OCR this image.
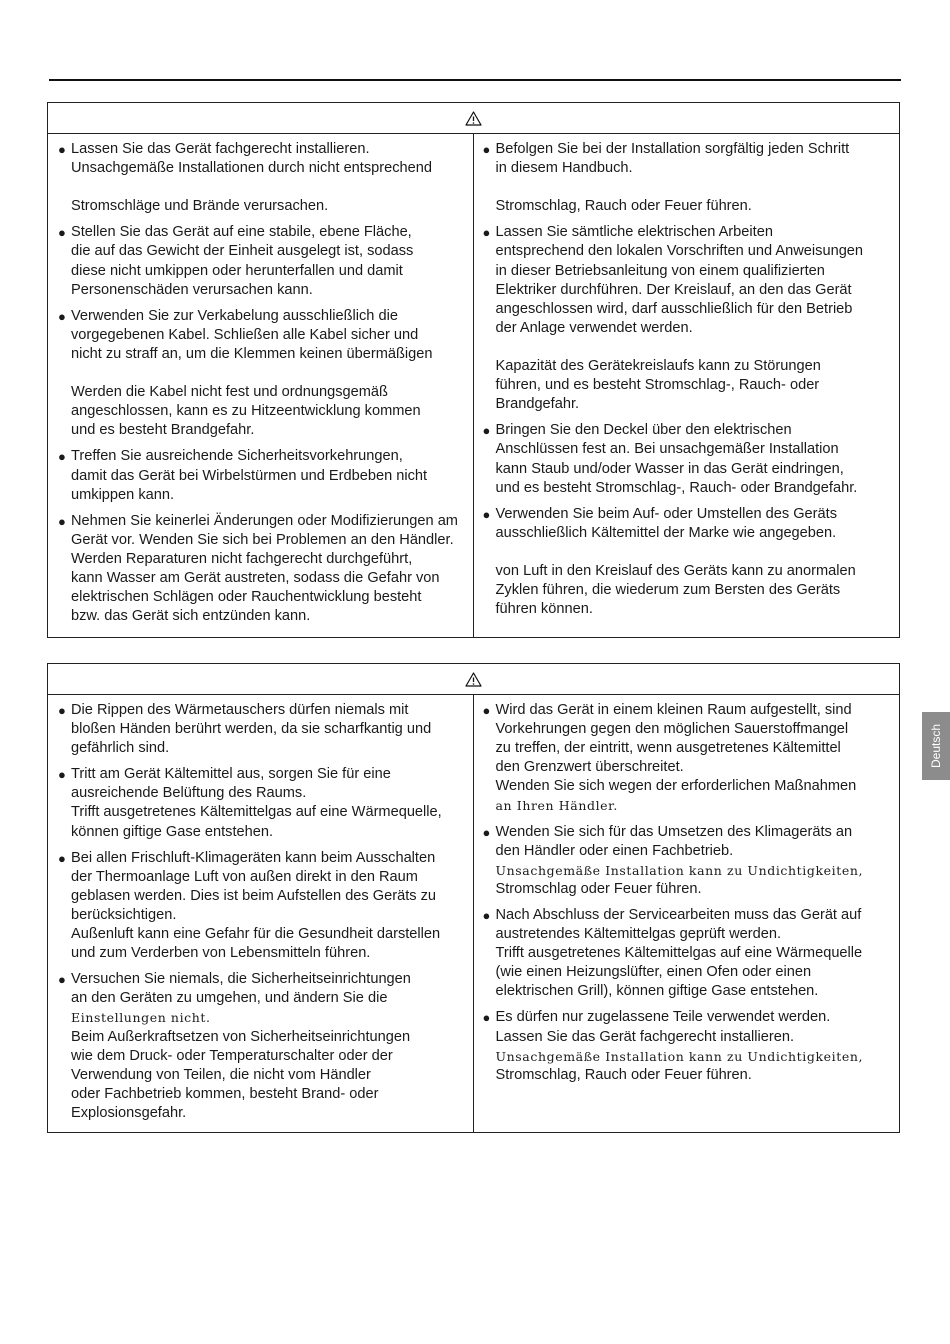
● Lassen Sie das Gerät fachgerecht installieren.
Unsachgemäße Installationen durch nicht entsprechend
Stromschläge und Brände verursachen.
● Stellen Sie das Gerät auf eine stabile, ebene Fläche,
die auf das Gewicht der Einheit ausgelegt ist, sodass
diese nicht umkippen oder herunterfallen und damit
Personenschäden verursachen kann.
● Verwenden Sie zur Verkabelung ausschließlich die
vorgegebenen Kabel. Schließen alle Kabel sicher und
nicht zu straff an, um die Klemmen keinen übermäßigen
Werden die Kabel nicht fest und ordnungsgemäß
angeschlossen, kann es zu Hitzeentwicklung kommen
und es besteht Brandgefahr.
● Treffen Sie ausreichende Sicherheitsvorkehrungen,
damit das Gerät bei Wirbelstürmen und Erdbeben nicht
umkippen kann.
● Nehmen Sie keinerlei Änderungen oder Modifizierungen am
Gerät vor. Wenden Sie sich bei Problemen an den Händler.
Werden Reparaturen nicht fachgerecht durchgeführt,
kann Wasser am Gerät austreten, sodass die Gefahr von
elektrischen Schlägen oder Rauchentwicklung besteht
bzw. das Gerät sich entzünden kann.
● Befolgen Sie bei der Installation sorgfältig jeden Schritt
in diesem Handbuch.
Stromschlag, Rauch oder Feuer führen.
● Lassen Sie sämtliche elektrischen Arbeiten
entsprechend den lokalen Vorschriften und Anweisungen
in dieser Betriebsanleitung von einem qualifizierten
Elektriker durchführen. Der Kreislauf, an den das Gerät
angeschlossen wird, darf ausschließlich für den Betrieb
der Anlage verwendet werden.
Kapazität des Gerätekreislaufs kann zu Störungen
führen, und es besteht Stromschlag-, Rauch- oder
Brandgefahr.
● Bringen Sie den Deckel über den elektrischen
Anschlüssen fest an. Bei unsachgemäßer Installation
kann Staub und/oder Wasser in das Gerät eindringen,
und es besteht Stromschlag-, Rauch- oder Brandgefahr.
● Verwenden Sie beim Auf- oder Umstellen des Geräts
ausschließlich Kältemittel der Marke wie angegeben.
von Luft in den Kreislauf des Geräts kann zu anormalen
Zyklen führen, die wiederum zum Bersten des Geräts
führen können.
● Die Rippen des Wärmetauschers dürfen niemals mit
bloßen Händen berührt werden, da sie scharfkantig und
gefährlich sind.
● Tritt am Gerät Kältemittel aus, sorgen Sie für eine
ausreichende Belüftung des Raums.
Trifft ausgetretenes Kältemittelgas auf eine Wärmequelle,
können giftige Gase entstehen.
● Bei allen Frischluft-Klimageräten kann beim Ausschalten
der Thermoanlage Luft von außen direkt in den Raum
geblasen werden. Dies ist beim Aufstellen des Geräts zu
berücksichtigen.
Außenluft kann eine Gefahr für die Gesundheit darstellen
und zum Verderben von Lebensmitteln führen.
● Versuchen Sie niemals, die Sicherheitseinrichtungen
an den Geräten zu umgehen, und ändern Sie die
Einstellungen nicht.
Beim Außerkraftsetzen von Sicherheitseinrichtungen
wie dem Druck- oder Temperaturschalter oder der
Verwendung von Teilen, die nicht vom Händler
oder Fachbetrieb kommen, besteht Brand- oder
Explosionsgefahr.
● Wird das Gerät in einem kleinen Raum aufgestellt, sind
Vorkehrungen gegen den möglichen Sauerstoffmangel
zu treffen, der eintritt, wenn ausgetretenes Kältemittel
den Grenzwert überschreitet.
Wenden Sie sich wegen der erforderlichen Maßnahmen
an Ihren Händler.
● Wenden Sie sich für das Umsetzen des Klimageräts an
den Händler oder einen Fachbetrieb.
Unsachgemäße Installation kann zu Undichtigkeiten,
Stromschlag oder Feuer führen.
● Nach Abschluss der Servicearbeiten muss das Gerät auf
austretendes Kältemittelgas geprüft werden.
Trifft ausgetretenes Kältemittelgas auf eine Wärmequelle
(wie einen Heizungslüfter, einen Ofen oder einen
elektrischen Grill), können giftige Gase entstehen.
● Es dürfen nur zugelassene Teile verwendet werden.
Lassen Sie das Gerät fachgerecht installieren.
Unsachgemäße Installation kann zu Undichtigkeiten,
Stromschlag, Rauch oder Feuer führen.
Deutsch
